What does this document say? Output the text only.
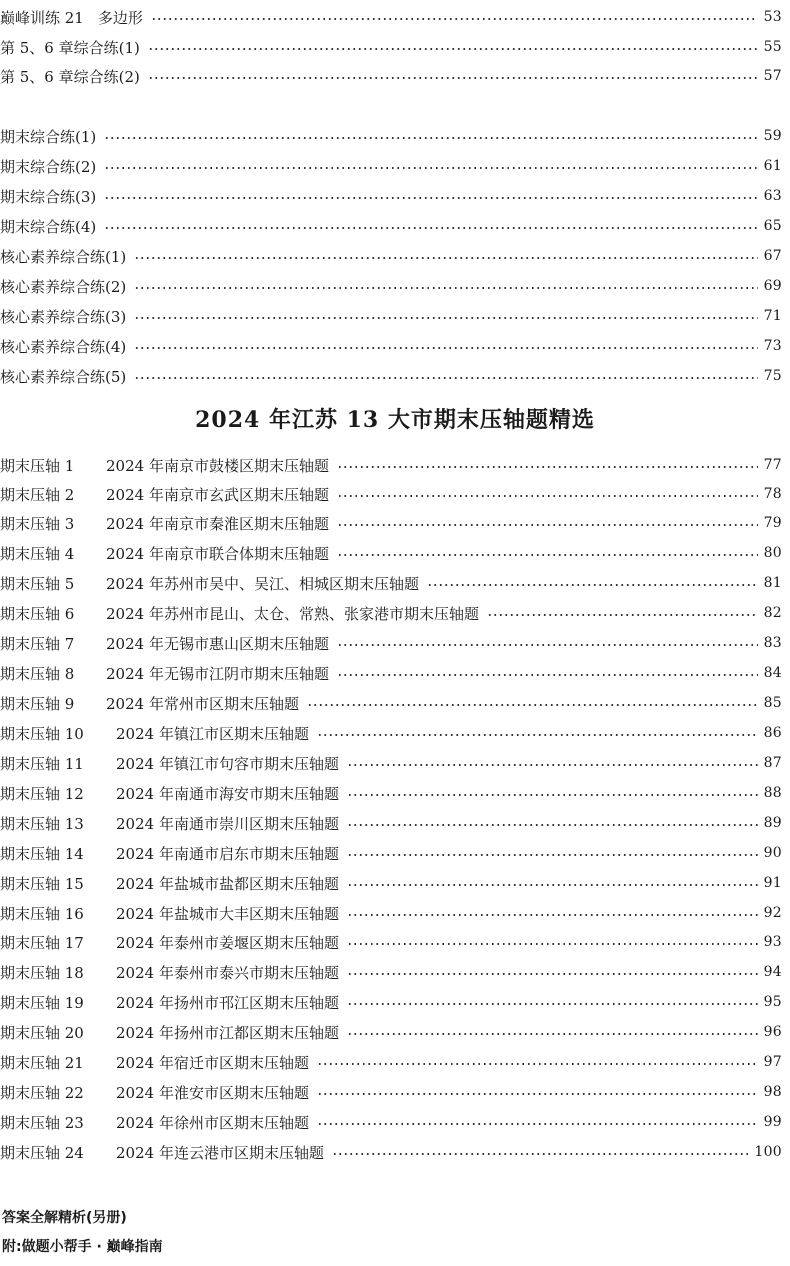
巅峰训练 21 多边形	53
第 5、6 章综合练(1)	55
第 5、6 章综合练(2)	57
期末综合练(1)	59
期末综合练(2)	61
期末综合练(3)	63
期末综合练(4)	65
核心素养综合练(1)	67
核心素养综合练(2)	69
核心素养综合练(3)	71
核心素养综合练(4)	73
核心素养综合练(5)	75
2024 年江苏 13 大市期末压轴题精选
期末压轴 1	2024 年南京市鼓楼区期末压轴题	77
期末压轴 2	2024 年南京市玄武区期末压轴题	78
期末压轴 3	2024 年南京市秦淮区期末压轴题	79
期末压轴 4	2024 年南京市联合体期末压轴题	80
期末压轴 5	2024 年苏州市吴中、吴江、相城区期末压轴题	81
期末压轴 6	2024 年苏州市昆山、太仓、常熟、张家港市期末压轴题	82
期末压轴 7	2024 年无锡市惠山区期末压轴题	83
期末压轴 8	2024 年无锡市江阴市期末压轴题	84
期末压轴 9	2024 年常州市区期末压轴题	85
期末压轴 10	2024 年镇江市区期末压轴题	86
期末压轴 11	2024 年镇江市句容市期末压轴题	87
期末压轴 12	2024 年南通市海安市期末压轴题	88
期末压轴 13	2024 年南通市崇川区期末压轴题	89
期末压轴 14	2024 年南通市启东市期末压轴题	90
期末压轴 15	2024 年盐城市盐都区期末压轴题	91
期末压轴 16	2024 年盐城市大丰区期末压轴题	92
期末压轴 17	2024 年泰州市姜堰区期末压轴题	93
期末压轴 18	2024 年泰州市泰兴市期末压轴题	94
期末压轴 19	2024 年扬州市邗江区期末压轴题	95
期末压轴 20	2024 年扬州市江都区期末压轴题	96
期末压轴 21	2024 年宿迁市区期末压轴题	97
期末压轴 22	2024 年淮安市区期末压轴题	98
期末压轴 23	2024 年徐州市区期末压轴题	99
期末压轴 24	2024 年连云港市区期末压轴题	100
答案全解精析(另册)
附:做题小帮手 · 巅峰指南
